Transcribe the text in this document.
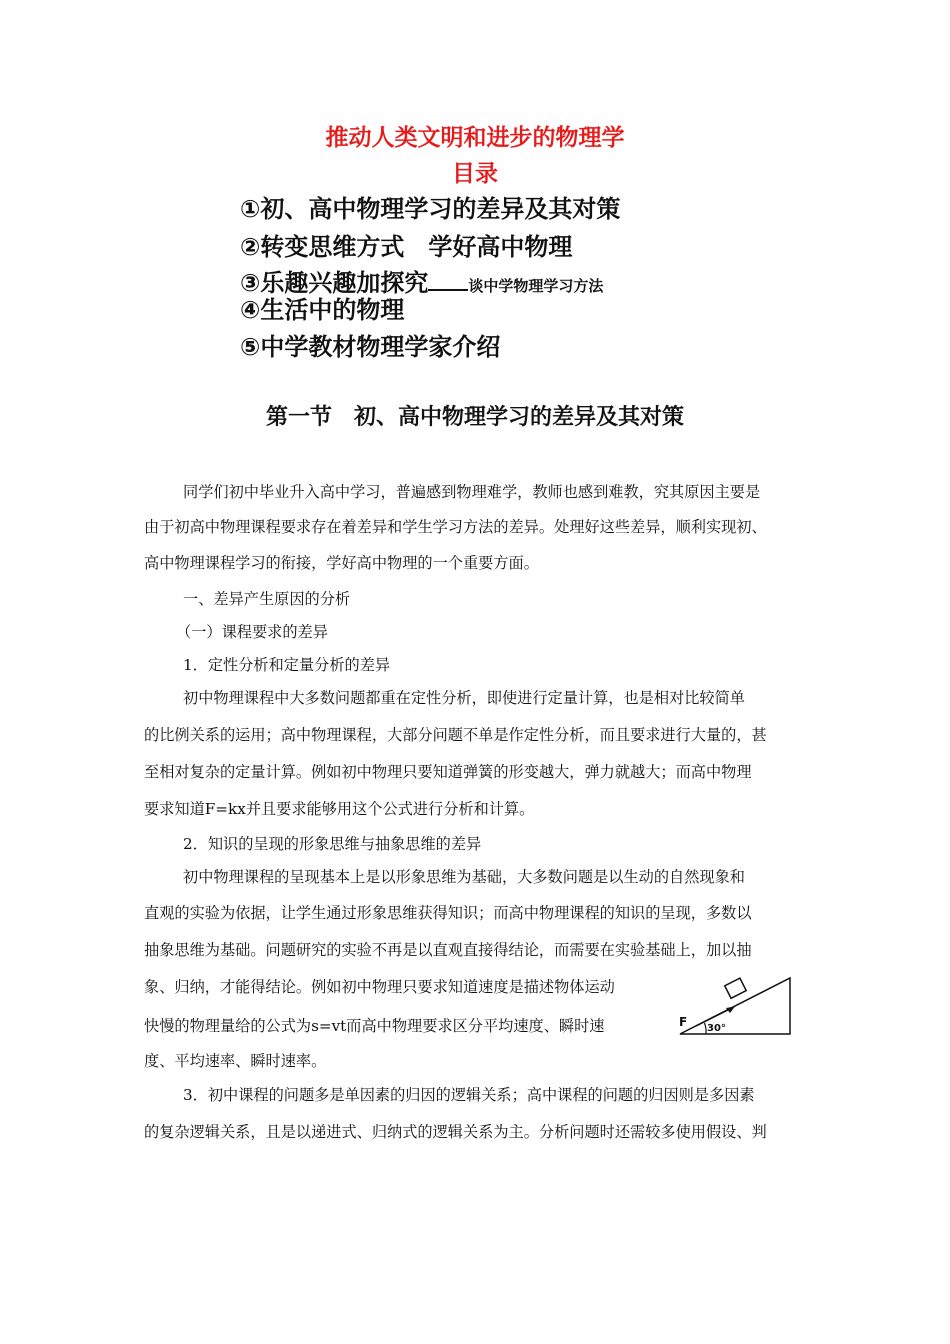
推动人类文明和进步的物理学
目录
①初、高中物理学习的差异及其对策
②转变思维方式　学好高中物理
③乐趣兴趣加探究	谈中学物理学习方法
④生活中的物理
⑤中学教材物理学家介绍
第一节　初、高中物理学习的差异及其对策
同学们初中毕业升入高中学习，普遍感到物理难学，教师也感到难教，究其原因主要是
由于初高中物理课程要求存在着差异和学生学习方法的差异。处理好这些差异，顺利实现初、
高中物理课程学习的衔接，学好高中物理的一个重要方面。
一、差异产生原因的分析
（一）课程要求的差异
1．定性分析和定量分析的差异
初中物理课程中大多数问题都重在定性分析，即使进行定量计算，也是相对比较简单
的比例关系的运用；高中物理课程，大部分问题不单是作定性分析，而且要求进行大量的，甚
至相对复杂的定量计算。例如初中物理只要知道弹簧的形变越大，弹力就越大；而高中物理
要求知道F=kx并且要求能够用这个公式进行分析和计算。
2．知识的呈现的形象思维与抽象思维的差异
初中物理课程的呈现基本上是以形象思维为基础，大多数问题是以生动的自然现象和
直观的实验为依据，让学生通过形象思维获得知识；而高中物理课程的知识的呈现，多数以
抽象思维为基础。问题研究的实验不再是以直观直接得结论，而需要在实验基础上，加以抽
象、归纳，才能得结论。例如初中物理只要求知道速度是描述物体运动
快慢的物理量给的公式为s=vt而高中物理要求区分平均速度、瞬时速
度、平均速率、瞬时速率。
3．初中课程的问题多是单因素的归因的逻辑关系；高中课程的问题的归因则是多因素
的复杂逻辑关系，且是以递进式、归纳式的逻辑关系为主。分析问题时还需较多使用假设、判
F 30°
